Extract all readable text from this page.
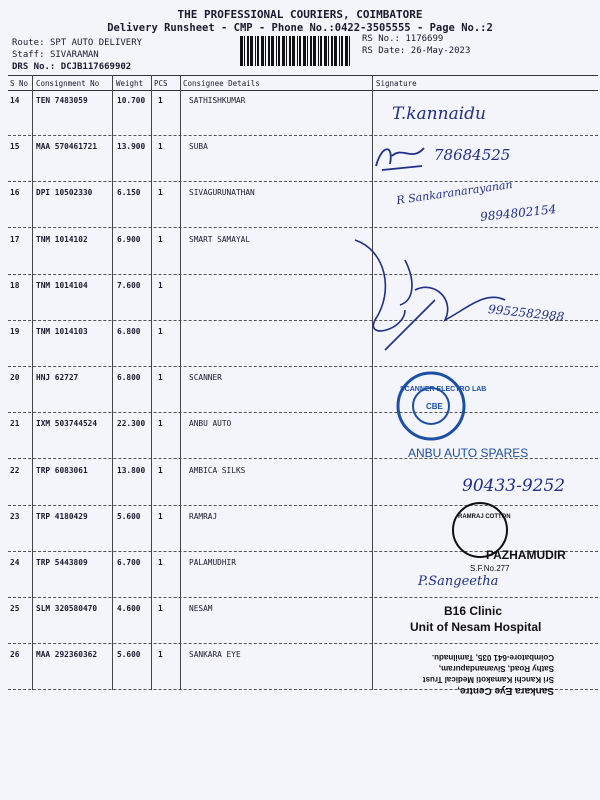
THE PROFESSIONAL COURIERS, COIMBATORE
Delivery Runsheet - CMP - Phone No.:0422-3505555 - Page No.:2
Route: SPT AUTO DELIVERY
Staff: SIVARAMAN
DRS No.: DCJB117669902
RS No.: 1176699
RS Date: 26-May-2023
S No Consignment No Weight PCS Consignee Details	Signature
14 TEN 7483059	10.700 1	SATHISHKUMAR
15 MAA 570461721	13.900 1	SUBA
16 DPI 10502330	6.150 1	SIVAGURUNATHAN
17 TNM 1014102	6.900 1	SMART SAMAYAL
18 TNM 1014104	7.600 1
19 TNM 1014103	6.800 1
20 HNJ 62727	6.800 1	SCANNER
21 IXM 503744524	22.300 1	ANBU AUTO
22 TRP 6083061	13.800 1	AMBICA SILKS
23 TRP 4180429	5.600 1	RAMRAJ
24 TRP 5443809	6.700 1	PALAMUDHIR
25 SLM 320580470	4.600 1	NESAM
26 MAA 292360362	5.600 1	SANKARA EYE
T.kannaidu
78684525
R Sankaranarayanan
9894802154
9952582988
90433-9252
P.Sangeetha
SCANNER ELECTRO LAB
CBE
ANBU AUTO SPARES
RAMRAJ COTTON
PAZHAMUDIR
S.F.No.277
B16 Clinic
Unit of Nesam Hospital
Sankara Eye Centre,
Sri Kanchi Kamakoti Medical Trust
Sathy Road, Sivanandapuram,
Coimbatore-641 035, Tamilnadu.
